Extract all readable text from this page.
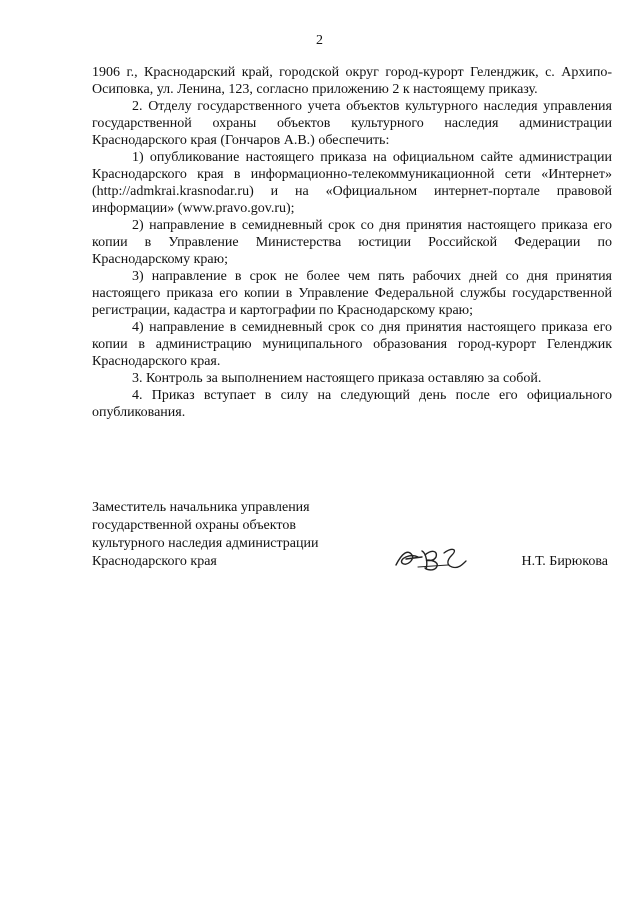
2

1906 г., Краснодарский край, городской округ город-курорт Геленджик, с. Архипо-Осиповка, ул. Ленина, 123, согласно приложению 2 к настоящему приказу.

2. Отделу государственного учета объектов культурного наследия управления государственной охраны объектов культурного наследия администрации Краснодарского края (Гончаров А.В.) обеспечить:

1) опубликование настоящего приказа на официальном сайте администрации Краснодарского края в информационно-телекоммуникационной сети «Интернет» (http://admkrai.krasnodar.ru) и на «Официальном интернет-портале правовой информации» (www.pravo.gov.ru);

2) направление в семидневный срок со дня принятия настоящего приказа его копии в Управление Министерства юстиции Российской Федерации по Краснодарскому краю;

3) направление в срок не более чем пять рабочих дней со дня принятия настоящего приказа его копии в Управление Федеральной службы государственной регистрации, кадастра и картографии по Краснодарскому краю;

4) направление в семидневный срок со дня принятия настоящего приказа его копии в администрацию муниципального образования город-курорт Геленджик Краснодарского края.

3. Контроль за выполнением настоящего приказа оставляю за собой.

4. Приказ вступает в силу на следующий день после его официального опубликования.

Заместитель начальника управления
государственной охраны объектов
культурного наследия администрации
Краснодарского края	Н.Т. Бирюкова
